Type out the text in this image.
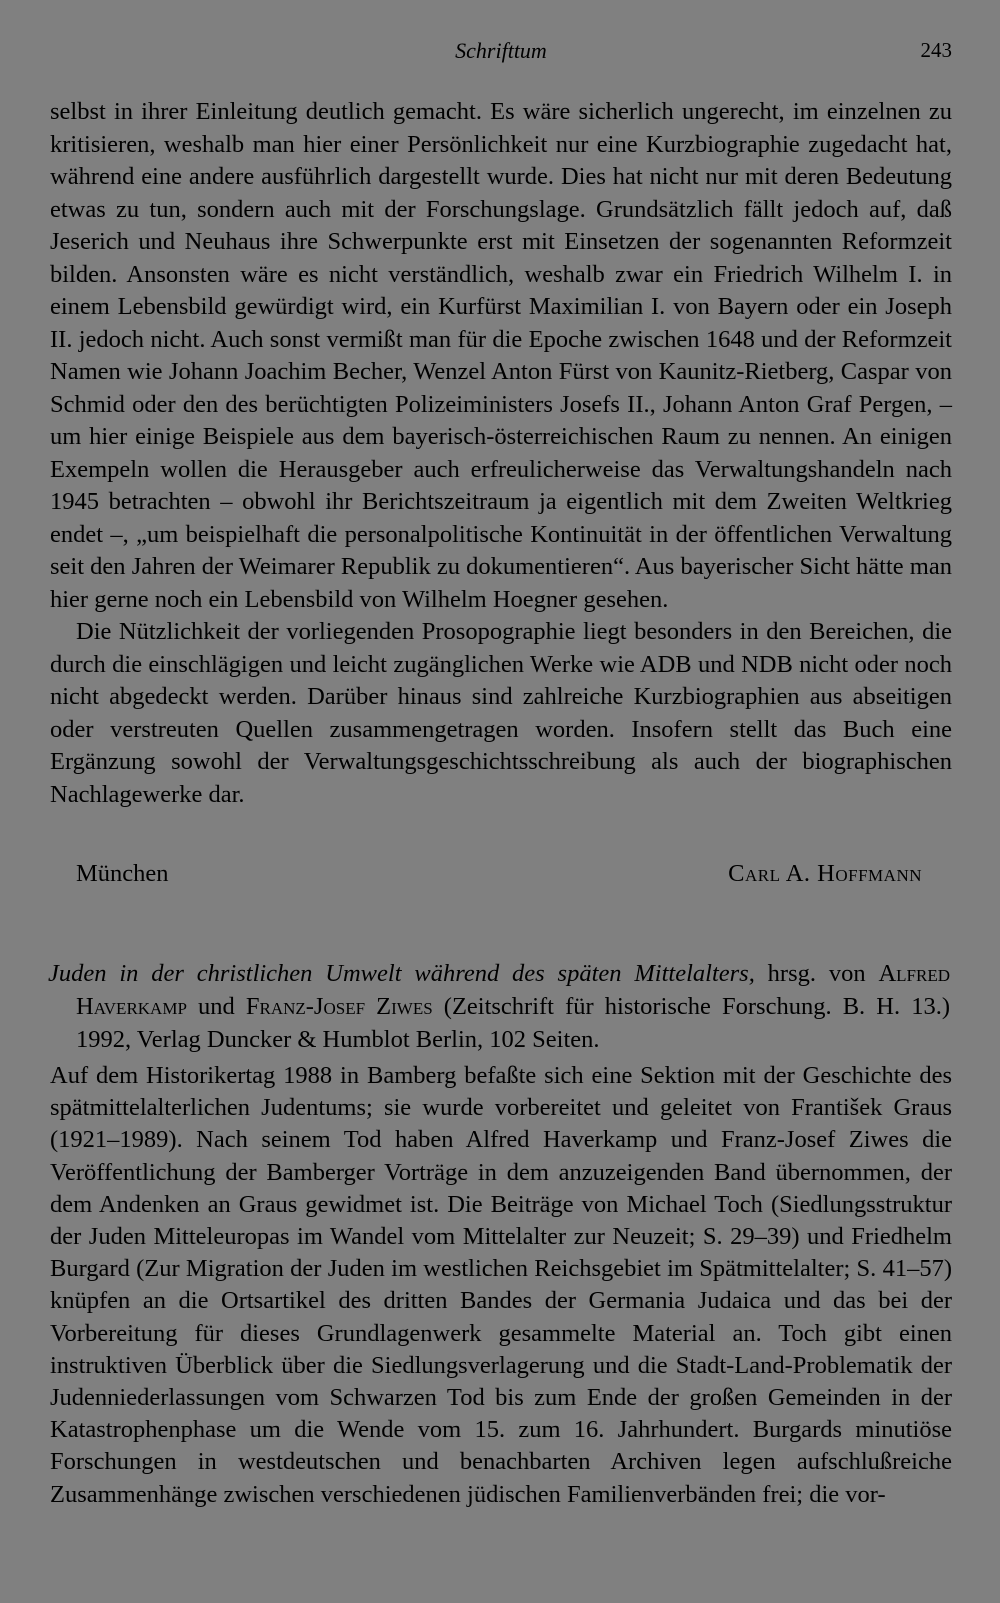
Schrifttum	243

selbst in ihrer Einleitung deutlich gemacht. Es wäre sicherlich ungerecht, im einzelnen zu kritisieren, weshalb man hier einer Persönlichkeit nur eine Kurzbiographie zugedacht hat, während eine andere ausführlich dargestellt wurde. Dies hat nicht nur mit deren Bedeutung etwas zu tun, sondern auch mit der Forschungslage. Grundsätzlich fällt jedoch auf, daß Jeserich und Neuhaus ihre Schwerpunkte erst mit Einsetzen der sogenannten Reformzeit bilden. Ansonsten wäre es nicht verständlich, weshalb zwar ein Friedrich Wilhelm I. in einem Lebensbild gewürdigt wird, ein Kurfürst Maximilian I. von Bayern oder ein Joseph II. jedoch nicht. Auch sonst vermißt man für die Epoche zwischen 1648 und der Reformzeit Namen wie Johann Joachim Becher, Wenzel Anton Fürst von Kaunitz-Rietberg, Caspar von Schmid oder den des berüchtigten Polizeiministers Josefs II., Johann Anton Graf Pergen, – um hier einige Beispiele aus dem bayerisch-österreichischen Raum zu nennen. An einigen Exempeln wollen die Herausgeber auch erfreulicherweise das Verwaltungshandeln nach 1945 betrachten – obwohl ihr Berichtszeitraum ja eigentlich mit dem Zweiten Weltkrieg endet –, „um beispielhaft die personalpolitische Kontinuität in der öffentlichen Verwaltung seit den Jahren der Weimarer Republik zu dokumentieren“. Aus bayerischer Sicht hätte man hier gerne noch ein Lebensbild von Wilhelm Hoegner gesehen.

Die Nützlichkeit der vorliegenden Prosopographie liegt besonders in den Bereichen, die durch die einschlägigen und leicht zugänglichen Werke wie ADB und NDB nicht oder noch nicht abgedeckt werden. Darüber hinaus sind zahlreiche Kurzbiographien aus abseitigen oder verstreuten Quellen zusammengetragen worden. Insofern stellt das Buch eine Ergänzung sowohl der Verwaltungsgeschichtsschreibung als auch der biographischen Nachlagewerke dar.

München	Carl A. Hoffmann
Juden in der christlichen Umwelt während des späten Mittelalters, hrsg. von Alfred Haverkamp und Franz-Josef Ziwes (Zeitschrift für historische Forschung. B. H. 13.) 1992, Verlag Duncker & Humblot Berlin, 102 Seiten.

Auf dem Historikertag 1988 in Bamberg befaßte sich eine Sektion mit der Geschichte des spätmittelalterlichen Judentums; sie wurde vorbereitet und geleitet von František Graus (1921–1989). Nach seinem Tod haben Alfred Haverkamp und Franz-Josef Ziwes die Veröffentlichung der Bamberger Vorträge in dem anzuzeigenden Band übernommen, der dem Andenken an Graus gewidmet ist. Die Beiträge von Michael Toch (Siedlungsstruktur der Juden Mitteleuropas im Wandel vom Mittelalter zur Neuzeit; S. 29–39) und Friedhelm Burgard (Zur Migration der Juden im westlichen Reichsgebiet im Spätmittelalter; S. 41–57) knüpfen an die Ortsartikel des dritten Bandes der Germania Judaica und das bei der Vorbereitung für dieses Grundlagenwerk gesammelte Material an. Toch gibt einen instruktiven Überblick über die Siedlungsverlagerung und die Stadt-Land-Problematik der Judenniederlassungen vom Schwarzen Tod bis zum Ende der großen Gemeinden in der Katastrophenphase um die Wende vom 15. zum 16. Jahrhundert. Burgards minutiöse Forschungen in westdeutschen und benachbarten Archiven legen aufschlußreiche Zusammenhänge zwischen verschiedenen jüdischen Familienverbänden frei; die vor-
